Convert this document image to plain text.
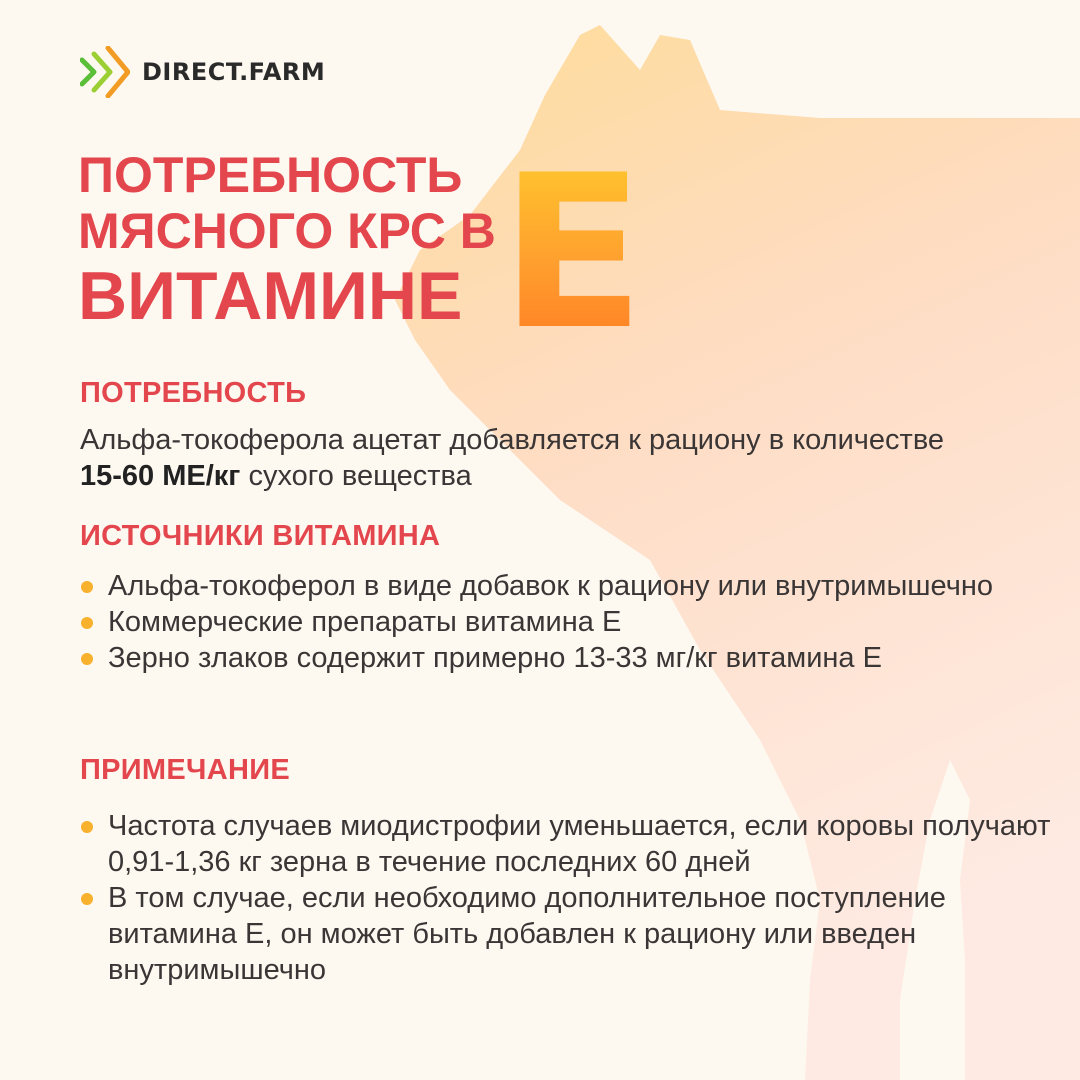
DIRECT.FARM
ПОТРЕБНОСТЬ
МЯСНОГО КРС В
ВИТАМИНЕ Е
ПОТРЕБНОСТЬ
Альфа-токоферола ацетат добавляется к рациону в количестве 15-60 МЕ/кг сухого вещества
ИСТОЧНИКИ ВИТАМИНА
Альфа-токоферол в виде добавок к рациону или внутримышечно
Коммерческие препараты витамина Е
Зерно злаков содержит примерно 13-33 мг/кг витамина Е
ПРИМЕЧАНИЕ
Частота случаев миодистрофии уменьшается, если коровы получают 0,91-1,36 кг зерна в течение последних 60 дней
В том случае, если необходимо дополнительное поступление витамина Е, он может быть добавлен к рациону или введен внутримышечно
